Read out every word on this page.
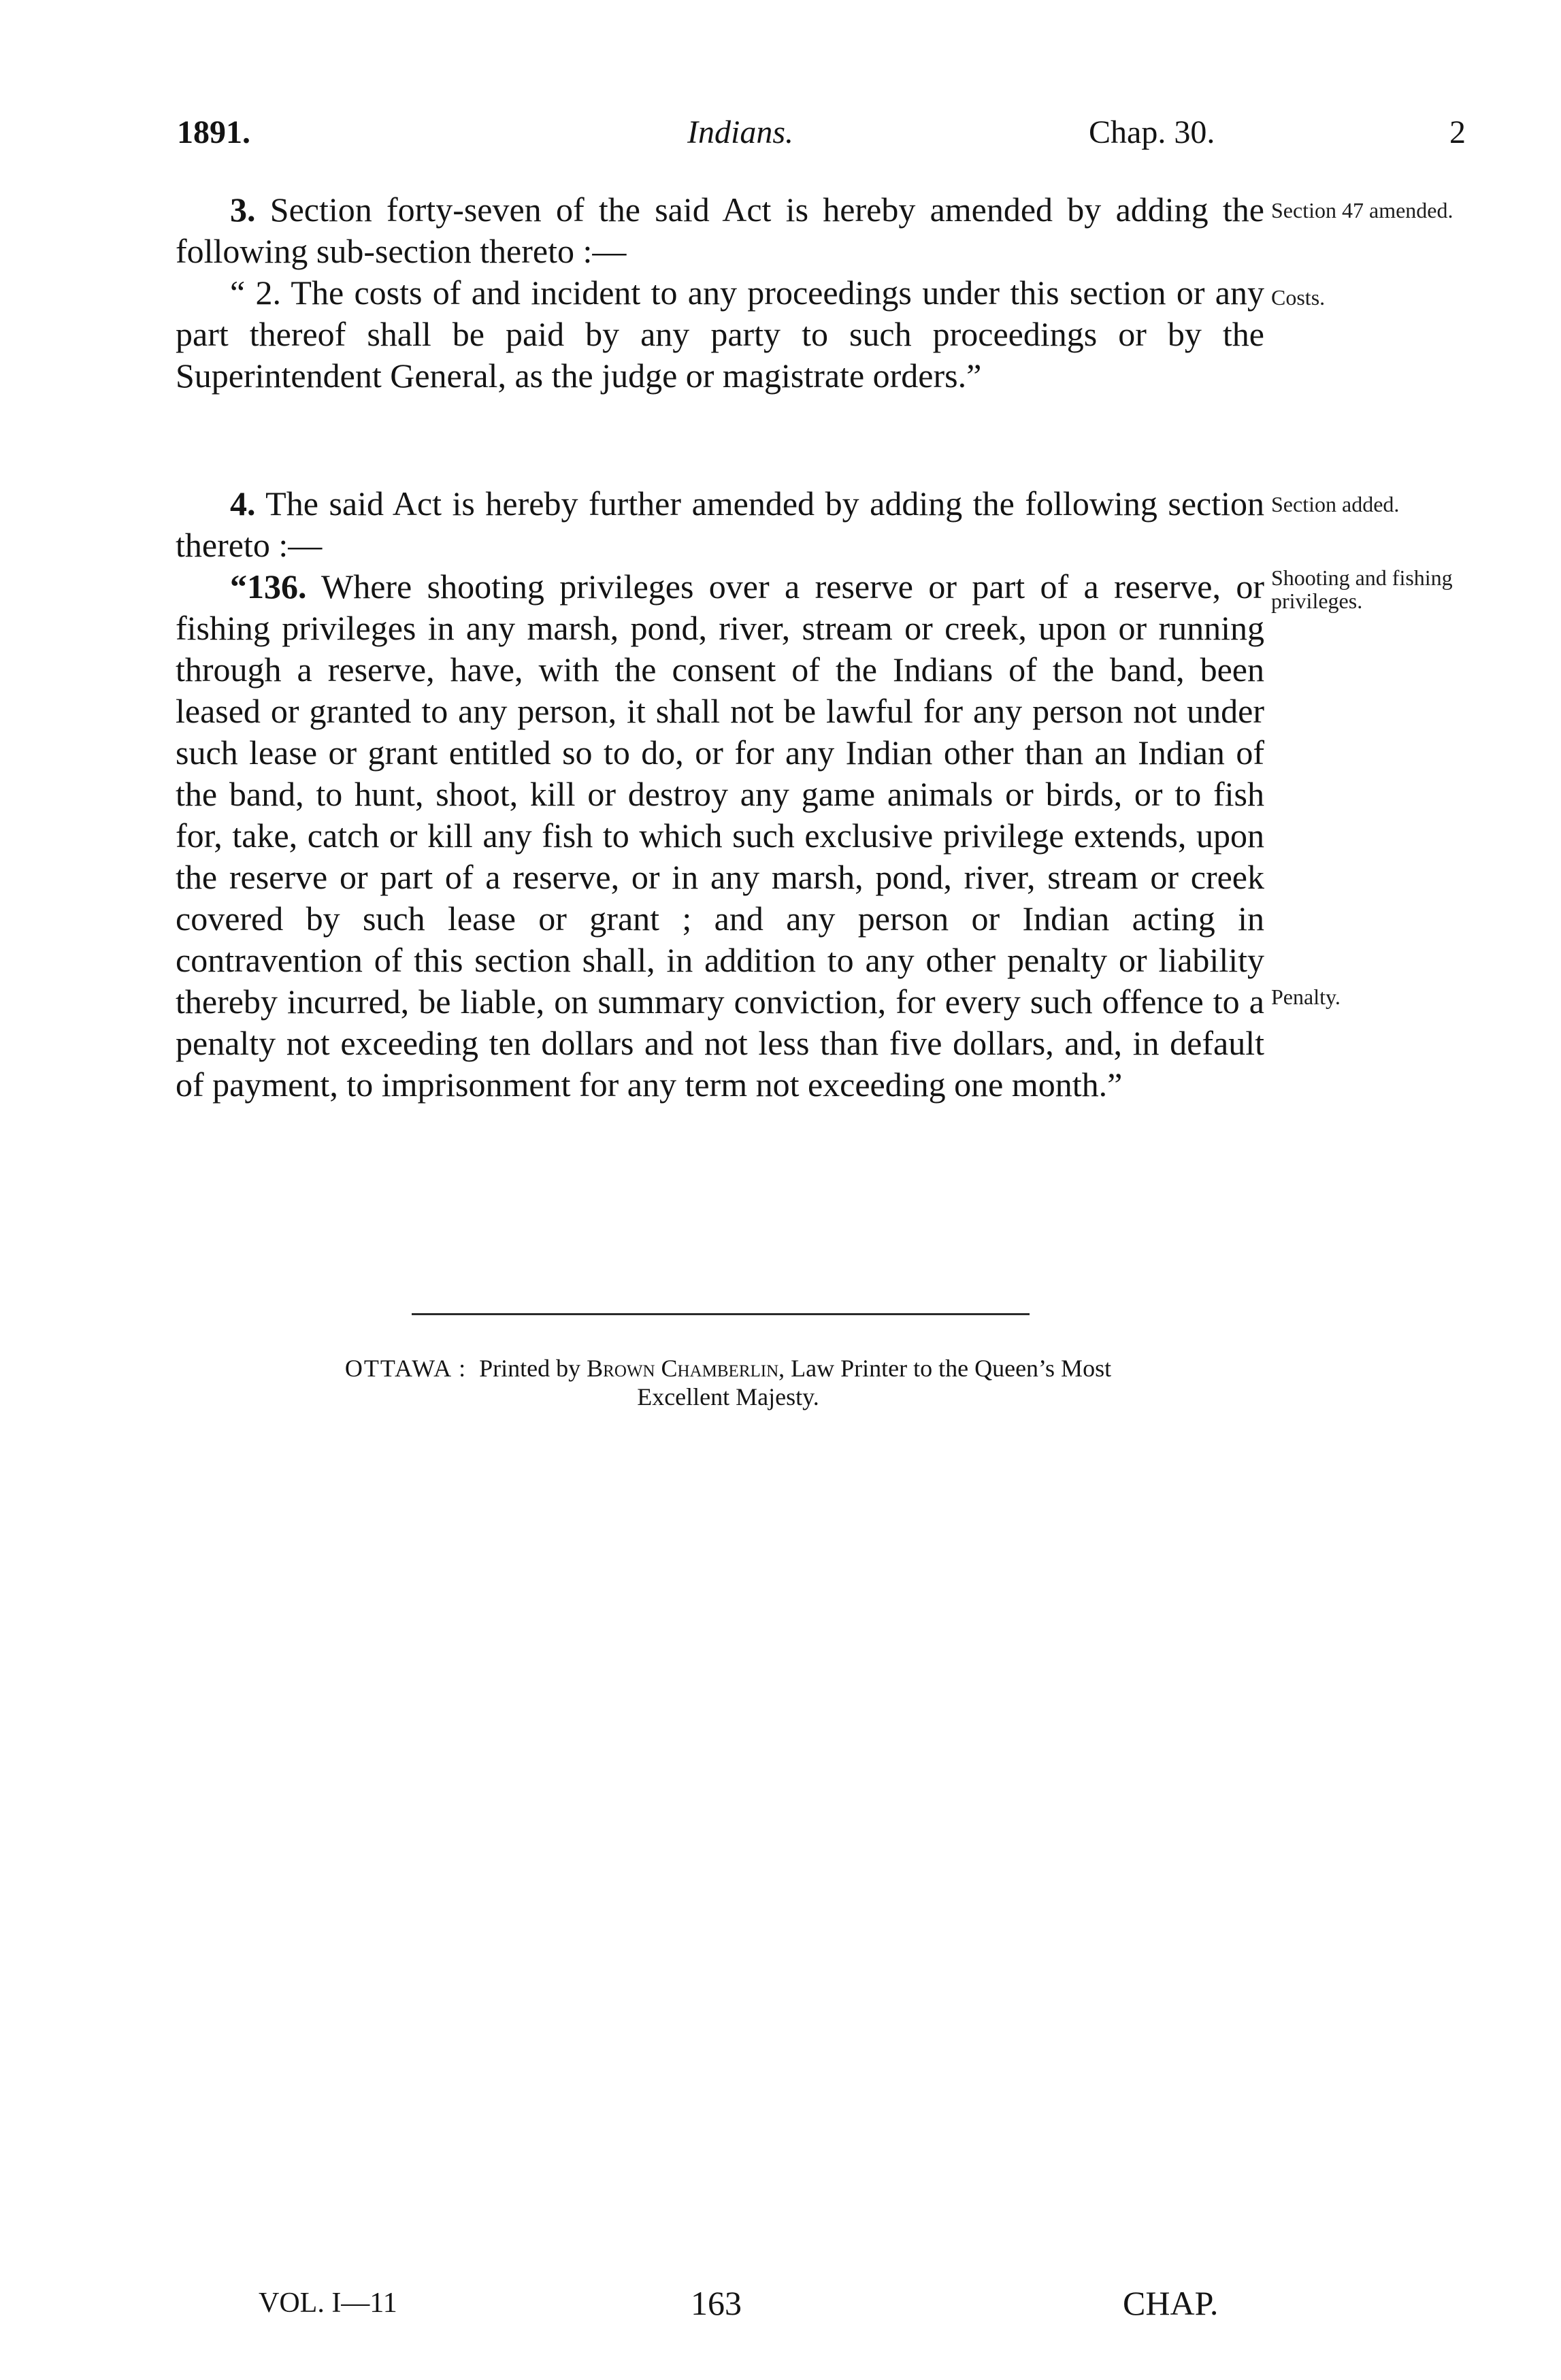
1891.	Indians.	Chap. 30.	2

3. Section forty-seven of the said Act is hereby amended by adding the following sub-section thereto :—

“ 2. The costs of and incident to any proceedings under this section or any part thereof shall be paid by any party to such proceedings or by the Superintendent General, as the judge or magistrate orders.”

4. The said Act is hereby further amended by adding the following section thereto :—

“136. Where shooting privileges over a reserve or part of a reserve, or fishing privileges in any marsh, pond, river, stream or creek, upon or running through a reserve, have, with the consent of the Indians of the band, been leased or granted to any person, it shall not be lawful for any person not under such lease or grant entitled so to do, or for any Indian other than an Indian of the band, to hunt, shoot, kill or destroy any game animals or birds, or to fish for, take, catch or kill any fish to which such exclusive privilege extends, upon the reserve or part of a reserve, or in any marsh, pond, river, stream or creek covered by such lease or grant ; and any person or Indian acting in contravention of this section shall, in addition to any other penalty or liability thereby incurred, be liable, on summary conviction, for every such offence to a penalty not exceeding ten dollars and not less than five dollars, and, in default of payment, to imprisonment for any term not exceeding one month.”

Section 47 amended.
Costs.
Section added.
Shooting and fishing privileges.
Penalty.
OTTAWA : Printed by Brown Chamberlin, Law Printer to the Queen’s Most
Excellent Majesty.
VOL. I—11	163	CHAP.
